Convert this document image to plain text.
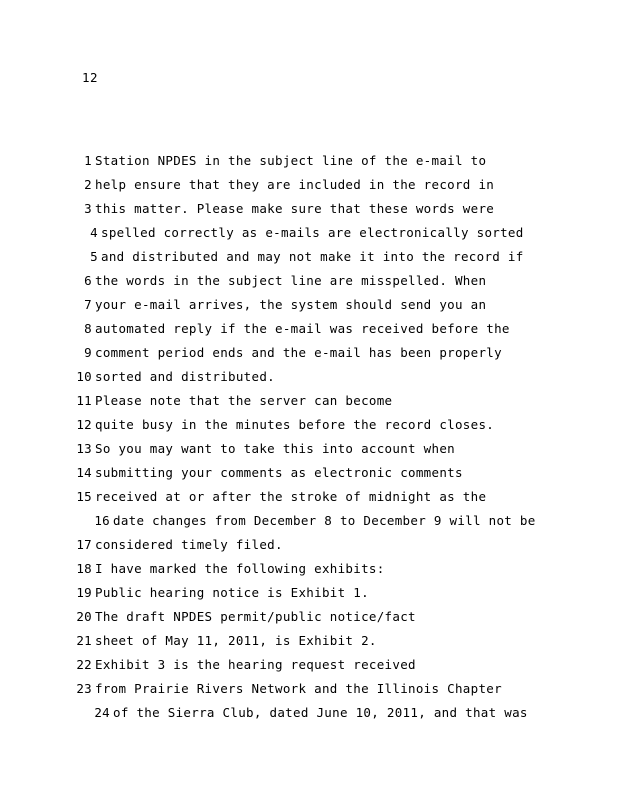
12
1 Station NPDES in the subject line of the e-mail to
2 help ensure that they are included in the record in
3 this matter. Please make sure that these words were
4 spelled correctly as e-mails are electronically sorted
5 and distributed and may not make it into the record if
6 the words in the subject line are misspelled. When
7 your e-mail arrives, the system should send you an
8 automated reply if the e-mail was received before the
9 comment period ends and the e-mail has been properly
10 sorted and distributed.
11 Please note that the server can become
12 quite busy in the minutes before the record closes.
13 So you may want to take this into account when
14 submitting your comments as electronic comments
15 received at or after the stroke of midnight as the
16 date changes from December 8 to December 9 will not be
17 considered timely filed.
18 I have marked the following exhibits:
19 Public hearing notice is Exhibit 1.
20 The draft NPDES permit/public notice/fact
21 sheet of May 11, 2011, is Exhibit 2.
22 Exhibit 3 is the hearing request received
23 from Prairie Rivers Network and the Illinois Chapter
24 of the Sierra Club, dated June 10, 2011, and that was
